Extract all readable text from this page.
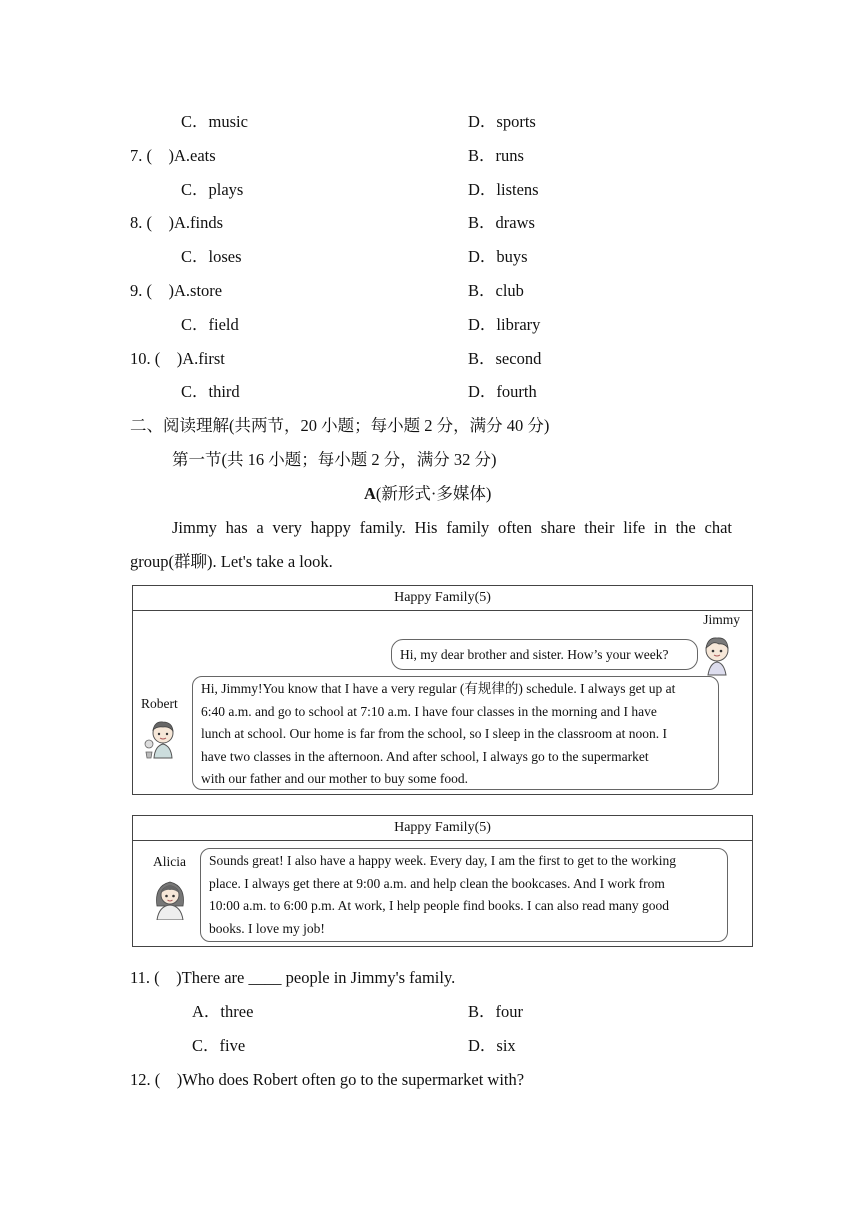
C．music	D．sports
7. (    )A.eats	B．runs
C．plays	D．listens
8. (    )A.finds	B．draws
C．loses	D．buys
9. (    )A.store	B．club
C．field	D．library
10. (    )A.first	B．second
C．third	D．fourth
二、阅读理解(共两节，20 小题；每小题 2 分，满分 40 分)
第一节(共 16 小题；每小题 2 分，满分 32 分)
A(新形式·多媒体)
Jimmy has a very happy family. His family often share their life in the chat
group(群聊). Let's take a look.
Happy Family(5)
Jimmy
Hi, my dear brother and sister. How’s your week?
Robert
Hi, Jimmy!You know that I have a very regular (有规律的) schedule. I always get up at
6:40 a.m. and go to school at 7:10 a.m. I have four classes in the morning and I have
lunch at school. Our home is far from the school, so I sleep in the classroom at noon. I
have two classes in the afternoon. And after school, I always go to the supermarket
with our father and our mother to buy some food.
Happy Family(5)
Alicia Sounds great! I also have a happy week. Every day, I am the first to get to the working
place. I always get there at 9:00 a.m. and help clean the bookcases. And I work from
10:00 a.m. to 6:00 p.m. At work, I help people find books. I can also read many good
books. I love my job!
11. (    )There are ____ people in Jimmy's family.
A．three	B．four
C．five	D．six
12. (    )Who does Robert often go to the supermarket with?
